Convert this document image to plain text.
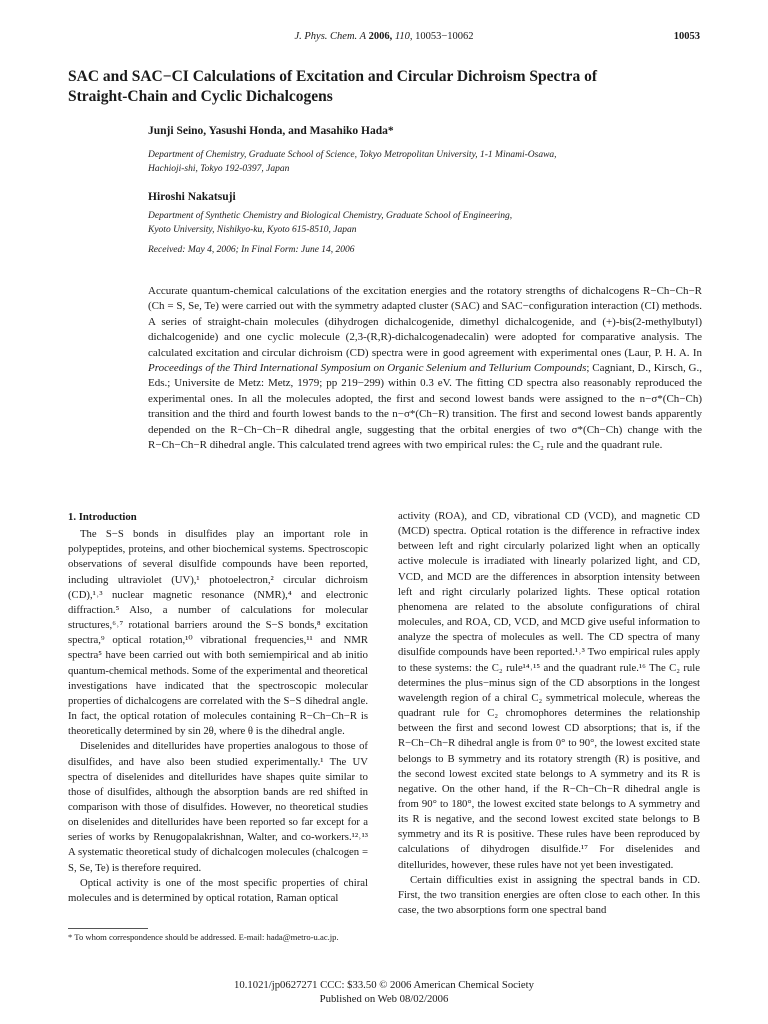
J. Phys. Chem. A 2006, 110, 10053−10062	10053
SAC and SAC−CI Calculations of Excitation and Circular Dichroism Spectra of
Straight-Chain and Cyclic Dichalcogens
Junji Seino, Yasushi Honda, and Masahiko Hada*
Department of Chemistry, Graduate School of Science, Tokyo Metropolitan University, 1-1 Minami-Osawa,
Hachioji-shi, Tokyo 192-0397, Japan
Hiroshi Nakatsuji
Department of Synthetic Chemistry and Biological Chemistry, Graduate School of Engineering,
Kyoto University, Nishikyo-ku, Kyoto 615-8510, Japan
Received: May 4, 2006; In Final Form: June 14, 2006
Accurate quantum-chemical calculations of the excitation energies and the rotatory strengths of dichalcogens R−Ch−Ch−R (Ch = S, Se, Te) were carried out with the symmetry adapted cluster (SAC) and SAC−configuration interaction (CI) methods. A series of straight-chain molecules (dihydrogen dichalcogenide, dimethyl dichalcogenide, and (+)-bis(2-methylbutyl) dichalcogenide) and one cyclic molecule (2,3-(R,R)-dichalcogenadecalin) were adopted for comparative analysis. The calculated excitation and circular dichroism (CD) spectra were in good agreement with experimental ones (Laur, P. H. A. In Proceedings of the Third International Symposium on Organic Selenium and Tellurium Compounds; Cagniant, D., Kirsch, G., Eds.; Universite de Metz: Metz, 1979; pp 219−299) within 0.3 eV. The fitting CD spectra also reasonably reproduced the experimental ones. In all the molecules adopted, the first and second lowest bands were assigned to the n−σ*(Ch−Ch) transition and the third and fourth lowest bands to the n−σ*(Ch−R) transition. The first and second lowest bands apparently depended on the R−Ch−Ch−R dihedral angle, suggesting that the orbital energies of two σ*(Ch−Ch) change with the R−Ch−Ch−R dihedral angle. This calculated trend agrees with two empirical rules: the C₂ rule and the quadrant rule.
1. Introduction

The S−S bonds in disulfides play an important role in polypeptides, proteins, and other biochemical systems. Spectroscopic observations of several disulfide compounds have been reported, including ultraviolet (UV),¹ photoelectron,² circular dichroism (CD),¹˒³ nuclear magnetic resonance (NMR),⁴ and electronic diffraction.⁵ Also, a number of calculations for molecular structures,⁶˒⁷ rotational barriers around the S−S bonds,⁸ excitation spectra,⁹ optical rotation,¹⁰ vibrational frequencies,¹¹ and NMR spectra⁵ have been carried out with both semiempirical and ab initio quantum-chemical methods. Some of the experimental and theoretical investigations have indicated that the spectroscopic molecular properties of dichalcogens are correlated with the S−S dihedral angle. In fact, the optical rotation of molecules containing R−Ch−Ch−R is theoretically determined by sin 2θ, where θ is the dihedral angle.

Diselenides and ditellurides have properties analogous to those of disulfides, and have also been studied experimentally.¹ The UV spectra of diselenides and ditellurides have shapes quite similar to those of disulfides, although the absorption bands are red shifted in comparison with those of disulfides. However, no theoretical studies on diselenides and ditellurides have been reported so far except for a series of works by Renugopalakrishnan, Walter, and co-workers.¹²˒¹³ A systematic theoretical study of dichalcogen molecules (chalcogen = S, Se, Te) is therefore required.

Optical activity is one of the most specific properties of chiral molecules and is determined by optical rotation, Raman optical

activity (ROA), and CD, vibrational CD (VCD), and magnetic CD (MCD) spectra. Optical rotation is the difference in refractive index between left and right circularly polarized light when an optically active molecule is irradiated with linearly polarized light, and CD, VCD, and MCD are the differences in absorption intensity between left and right circularly polarized lights. These optical rotation phenomena are related to the absolute configurations of chiral molecules, and ROA, CD, VCD, and MCD give useful information to analyze the spectra of molecules as well. The CD spectra of many disulfide compounds have been reported.¹˒³ Two empirical rules apply to these systems: the C₂ rule¹⁴˒¹⁵ and the quadrant rule.¹⁶ The C₂ rule determines the plus−minus sign of the CD absorptions in the longest wavelength region of a chiral C₂ symmetrical molecule, whereas the quadrant rule for C₂ chromophores determines the relationship between the first and second lowest CD absorptions; that is, if the R−Ch−Ch−R dihedral angle is from 0° to 90°, the lowest excited state belongs to B symmetry and its rotatory strength (R) is positive, and the second lowest excited state belongs to A symmetry and its R is negative. On the other hand, if the R−Ch−Ch−R dihedral angle is from 90° to 180°, the lowest excited state belongs to A symmetry and its R is negative, and the second lowest excited state belongs to B symmetry and its R is positive. These rules have been reproduced by calculations of dihydrogen disulfide.¹⁷ For diselenides and ditellurides, however, these rules have not yet been investigated.

Certain difficulties exist in assigning the spectral bands in CD. First, the two transition energies are often close to each other. In this case, the two absorptions form one spectral band

* To whom correspondence should be addressed. E-mail: hada@metro-u.ac.jp.
10.1021/jp0627271 CCC: $33.50 © 2006 American Chemical Society
Published on Web 08/02/2006
